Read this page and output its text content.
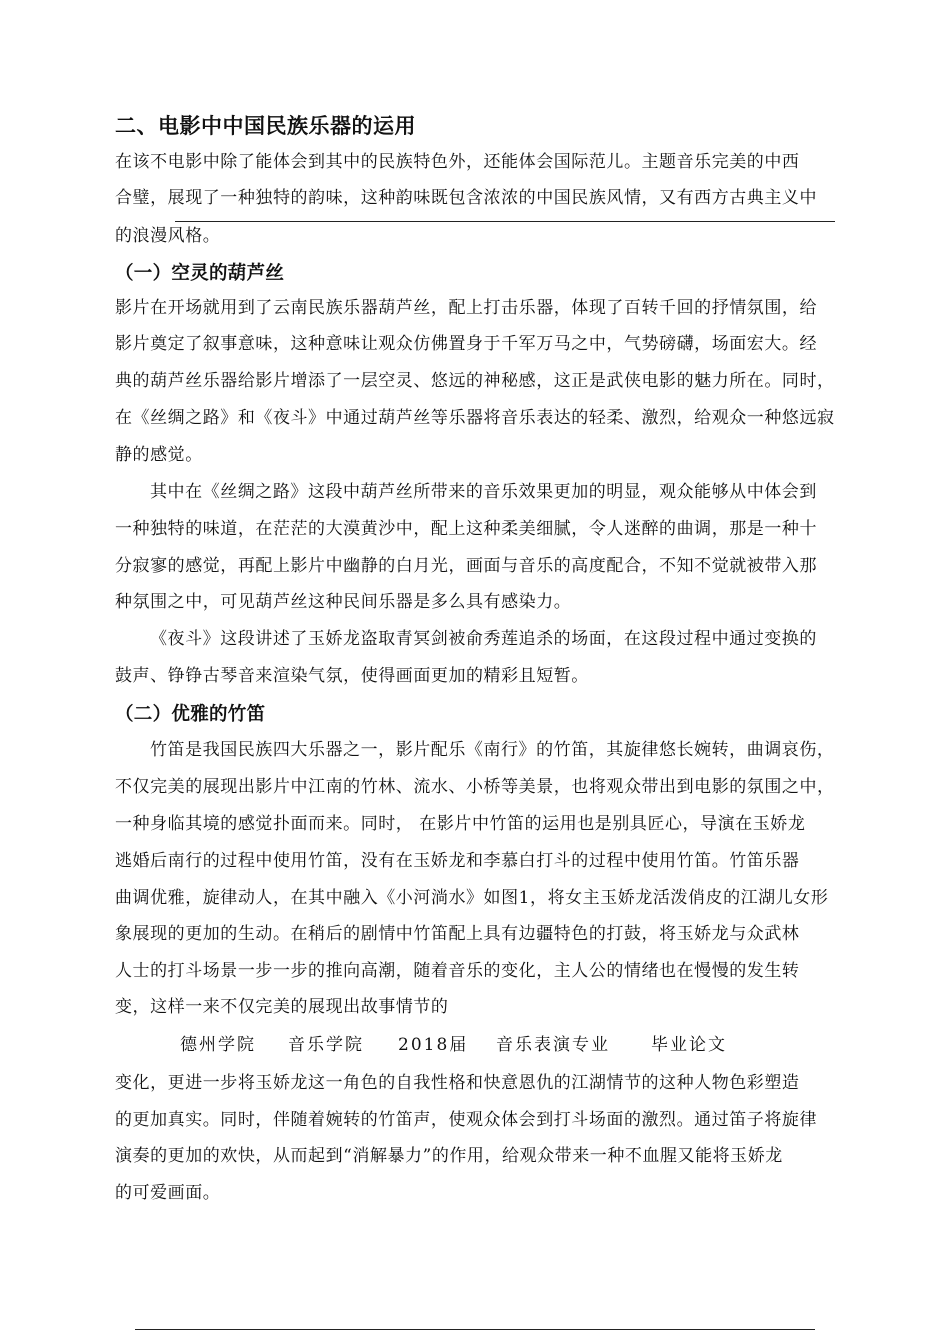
二、电影中中国民族乐器的运用
在该不电影中除了能体会到其中的民族特色外，还能体会国际范儿。主题音乐完美的中西
合璧，展现了一种独特的韵味，这种韵味既包含浓浓的中国民族风情，又有西方古典主义中
的浪漫风格。
（一）空灵的葫芦丝
影片在开场就用到了云南民族乐器葫芦丝，配上打击乐器，体现了百转千回的抒情氛围，给
影片奠定了叙事意味，这种意味让观众仿佛置身于千军万马之中，气势磅礴，场面宏大。经
典的葫芦丝乐器给影片增添了一层空灵、悠远的神秘感，这正是武侠电影的魅力所在。同时，
在《丝绸之路》和《夜斗》中通过葫芦丝等乐器将音乐表达的轻柔、激烈，给观众一种悠远寂
静的感觉。
其中在《丝绸之路》这段中葫芦丝所带来的音乐效果更加的明显，观众能够从中体会到
一种独特的味道，在茫茫的大漠黄沙中，配上这种柔美细腻，令人迷醉的曲调，那是一种十
分寂寥的感觉，再配上影片中幽静的白月光，画面与音乐的高度配合，不知不觉就被带入那
种氛围之中，可见葫芦丝这种民间乐器是多么具有感染力。
《夜斗》这段讲述了玉娇龙盗取青冥剑被俞秀莲追杀的场面，在这段过程中通过变换的
鼓声、铮铮古琴音来渲染气氛，使得画面更加的精彩且短暂。
（二）优雅的竹笛
竹笛是我国民族四大乐器之一，影片配乐《南行》的竹笛，其旋律悠长婉转，曲调哀伤，
不仅完美的展现出影片中江南的竹林、流水、小桥等美景，也将观众带出到电影的氛围之中，
一种身临其境的感觉扑面而来。同时， 在影片中竹笛的运用也是别具匠心，导演在玉娇龙
逃婚后南行的过程中使用竹笛，没有在玉娇龙和李慕白打斗的过程中使用竹笛。竹笛乐器
曲调优雅，旋律动人，在其中融入《小河淌水》如图1，将女主玉娇龙活泼俏皮的江湖儿女形
象展现的更加的生动。在稍后的剧情中竹笛配上具有边疆特色的打鼓，将玉娇龙与众武林
人士的打斗场景一步一步的推向高潮，随着音乐的变化，主人公的情绪也在慢慢的发生转
变，这样一来不仅完美的展现出故事情节的
德州学院 音乐学院 2018届 音乐表演专业 毕业论文
变化，更进一步将玉娇龙这一角色的自我性格和快意恩仇的江湖情节的这种人物色彩塑造
的更加真实。同时，伴随着婉转的竹笛声，使观众体会到打斗场面的激烈。通过笛子将旋律
演奏的更加的欢快，从而起到“消解暴力”的作用，给观众带来一种不血腥又能将玉娇龙
的可爱画面。
